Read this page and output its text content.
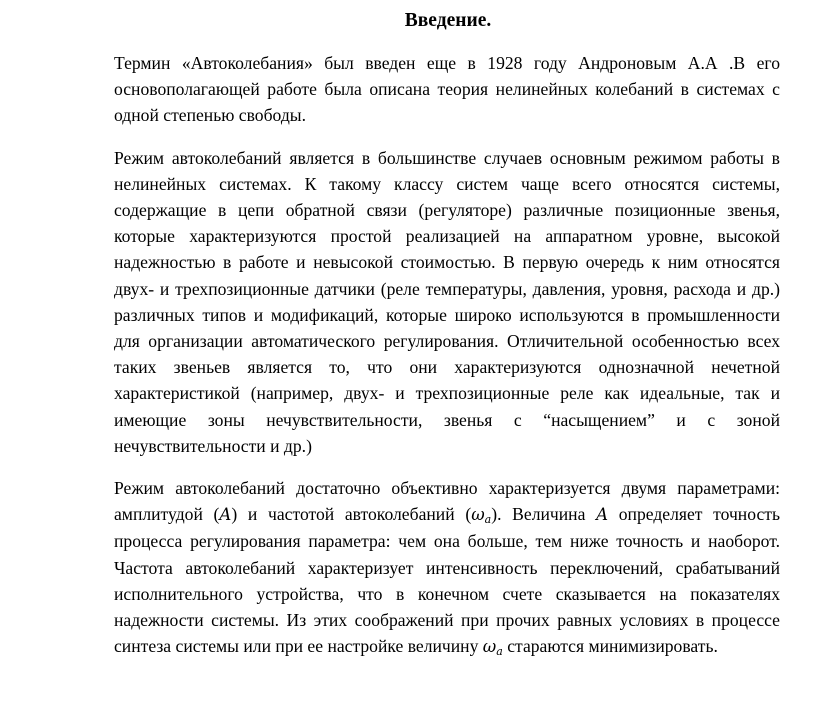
Введение.

Термин «Автоколебания» был введен еще в 1928 году Андроновым А.А .В его основополагающей работе была описана теория нелинейных колебаний в системах с одной степенью свободы.

Режим автоколебаний является в большинстве случаев основным режимом работы в нелинейных системах. К такому классу систем чаще всего относятся системы, содержащие в цепи обратной связи (регуляторе) различные позиционные звенья, которые характеризуются простой реализацией на аппаратном уровне, высокой надежностью в работе и невысокой стоимостью. В первую очередь к ним относятся двух- и трехпозиционные датчики (реле температуры, давления, уровня, расхода и др.) различных типов и модификаций, которые широко используются в промышленности для организации автоматического регулирования. Отличительной особенностью всех таких звеньев является то, что они характеризуются однозначной нечетной характеристикой (например, двух- и трехпозиционные реле как идеальные, так и имеющие зоны нечувствительности, звенья с “насыщением” и с зоной нечувствительности и др.)

Режим автоколебаний достаточно объективно характеризуется двумя параметрами: амплитудой (A) и частотой автоколебаний $(\omega_a)$. Величина A определяет точность процесса регулирования параметра: чем она больше, тем ниже точность и наоборот. Частота автоколебаний характеризует интенсивность переключений, срабатываний исполнительного устройства, что в конечном счете сказывается на показателях надежности системы. Из этих соображений при прочих равных условиях в процессе синтеза системы или при ее настройке величину $\omega_a$ стараются минимизировать.
